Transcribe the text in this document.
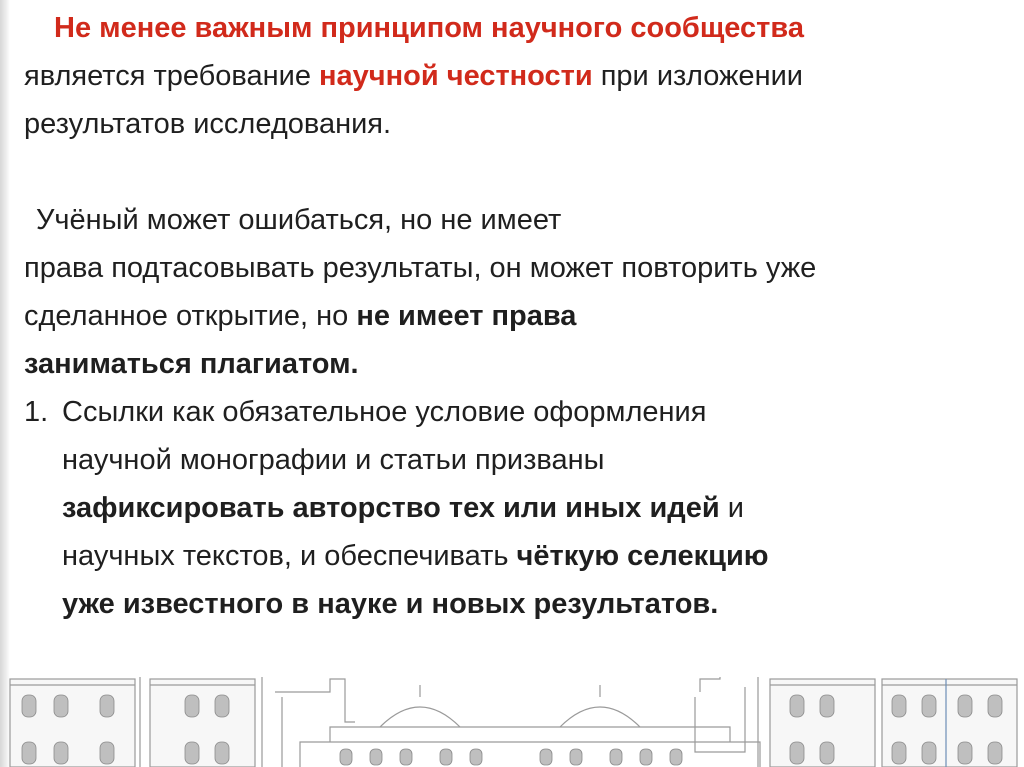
Не менее важным принципом научного сообщества
является требование научной честности при изложении
результатов исследования.
Учёный может ошибаться, но не имеет
права подтасовывать результаты, он может повторить уже
сделанное открытие, но не имеет права
заниматься плагиатом.
1. Ссылки как обязательное условие оформления
научной монографии и статьи призваны
зафиксировать авторство тех или иных идей и
научных текстов, и обеспечивать чёткую селекцию
уже известного в науке и новых результатов.
